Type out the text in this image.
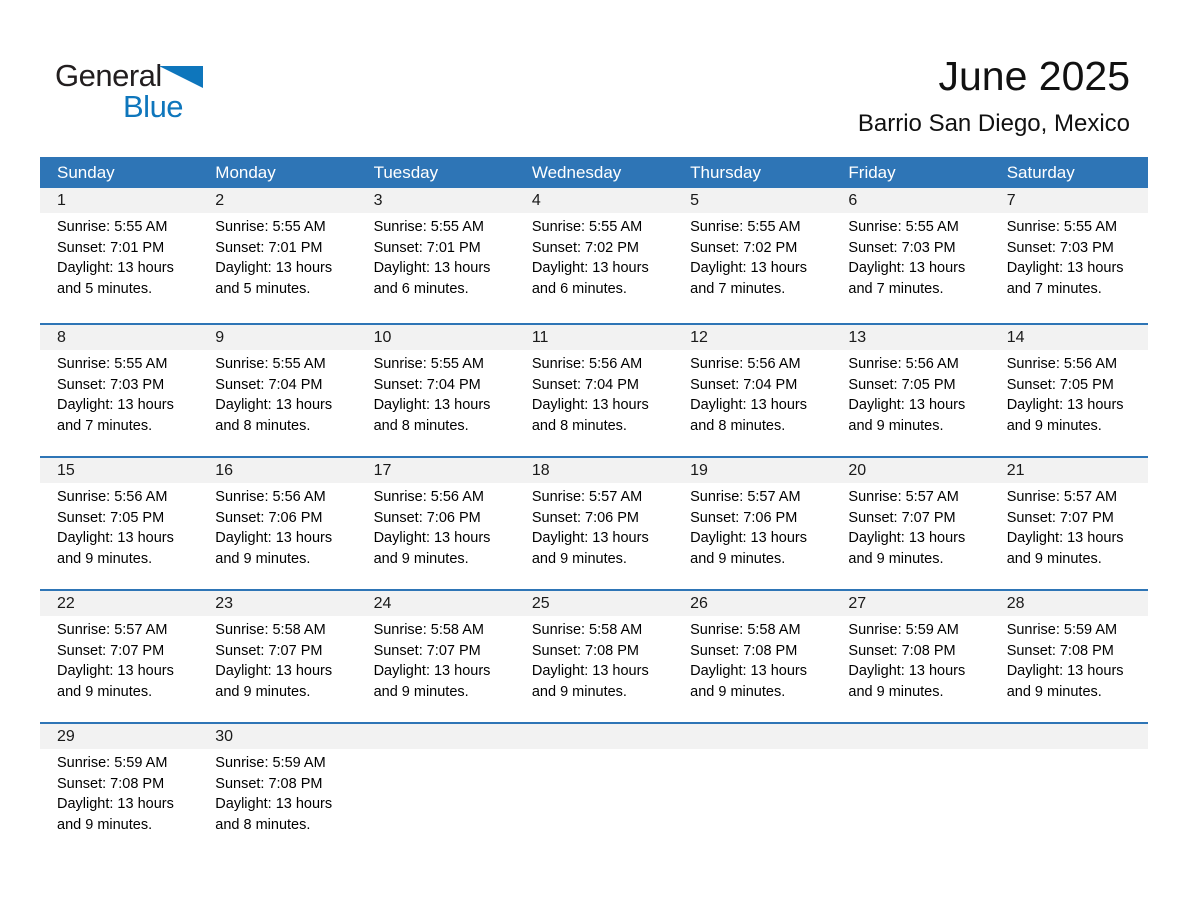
General
Blue
June 2025
Barrio San Diego, Mexico
Sunday	Monday	Tuesday	Wednesday	Thursday	Friday	Saturday
1	2	3	4	5	6	7
Sunrise: 5:55 AM
Sunset: 7:01 PM
Daylight: 13 hours and 5 minutes.
Sunrise: 5:55 AM
Sunset: 7:01 PM
Daylight: 13 hours and 5 minutes.
Sunrise: 5:55 AM
Sunset: 7:01 PM
Daylight: 13 hours and 6 minutes.
Sunrise: 5:55 AM
Sunset: 7:02 PM
Daylight: 13 hours and 6 minutes.
Sunrise: 5:55 AM
Sunset: 7:02 PM
Daylight: 13 hours and 7 minutes.
Sunrise: 5:55 AM
Sunset: 7:03 PM
Daylight: 13 hours and 7 minutes.
Sunrise: 5:55 AM
Sunset: 7:03 PM
Daylight: 13 hours and 7 minutes.
8	9	10	11	12	13	14
Sunrise: 5:55 AM
Sunset: 7:03 PM
Daylight: 13 hours and 7 minutes.
Sunrise: 5:55 AM
Sunset: 7:04 PM
Daylight: 13 hours and 8 minutes.
Sunrise: 5:55 AM
Sunset: 7:04 PM
Daylight: 13 hours and 8 minutes.
Sunrise: 5:56 AM
Sunset: 7:04 PM
Daylight: 13 hours and 8 minutes.
Sunrise: 5:56 AM
Sunset: 7:04 PM
Daylight: 13 hours and 8 minutes.
Sunrise: 5:56 AM
Sunset: 7:05 PM
Daylight: 13 hours and 9 minutes.
Sunrise: 5:56 AM
Sunset: 7:05 PM
Daylight: 13 hours and 9 minutes.
15	16	17	18	19	20	21
Sunrise: 5:56 AM
Sunset: 7:05 PM
Daylight: 13 hours and 9 minutes.
Sunrise: 5:56 AM
Sunset: 7:06 PM
Daylight: 13 hours and 9 minutes.
Sunrise: 5:56 AM
Sunset: 7:06 PM
Daylight: 13 hours and 9 minutes.
Sunrise: 5:57 AM
Sunset: 7:06 PM
Daylight: 13 hours and 9 minutes.
Sunrise: 5:57 AM
Sunset: 7:06 PM
Daylight: 13 hours and 9 minutes.
Sunrise: 5:57 AM
Sunset: 7:07 PM
Daylight: 13 hours and 9 minutes.
Sunrise: 5:57 AM
Sunset: 7:07 PM
Daylight: 13 hours and 9 minutes.
22	23	24	25	26	27	28
Sunrise: 5:57 AM
Sunset: 7:07 PM
Daylight: 13 hours and 9 minutes.
Sunrise: 5:58 AM
Sunset: 7:07 PM
Daylight: 13 hours and 9 minutes.
Sunrise: 5:58 AM
Sunset: 7:07 PM
Daylight: 13 hours and 9 minutes.
Sunrise: 5:58 AM
Sunset: 7:08 PM
Daylight: 13 hours and 9 minutes.
Sunrise: 5:58 AM
Sunset: 7:08 PM
Daylight: 13 hours and 9 minutes.
Sunrise: 5:59 AM
Sunset: 7:08 PM
Daylight: 13 hours and 9 minutes.
Sunrise: 5:59 AM
Sunset: 7:08 PM
Daylight: 13 hours and 9 minutes.
29	30
Sunrise: 5:59 AM
Sunset: 7:08 PM
Daylight: 13 hours and 9 minutes.
Sunrise: 5:59 AM
Sunset: 7:08 PM
Daylight: 13 hours and 8 minutes.
